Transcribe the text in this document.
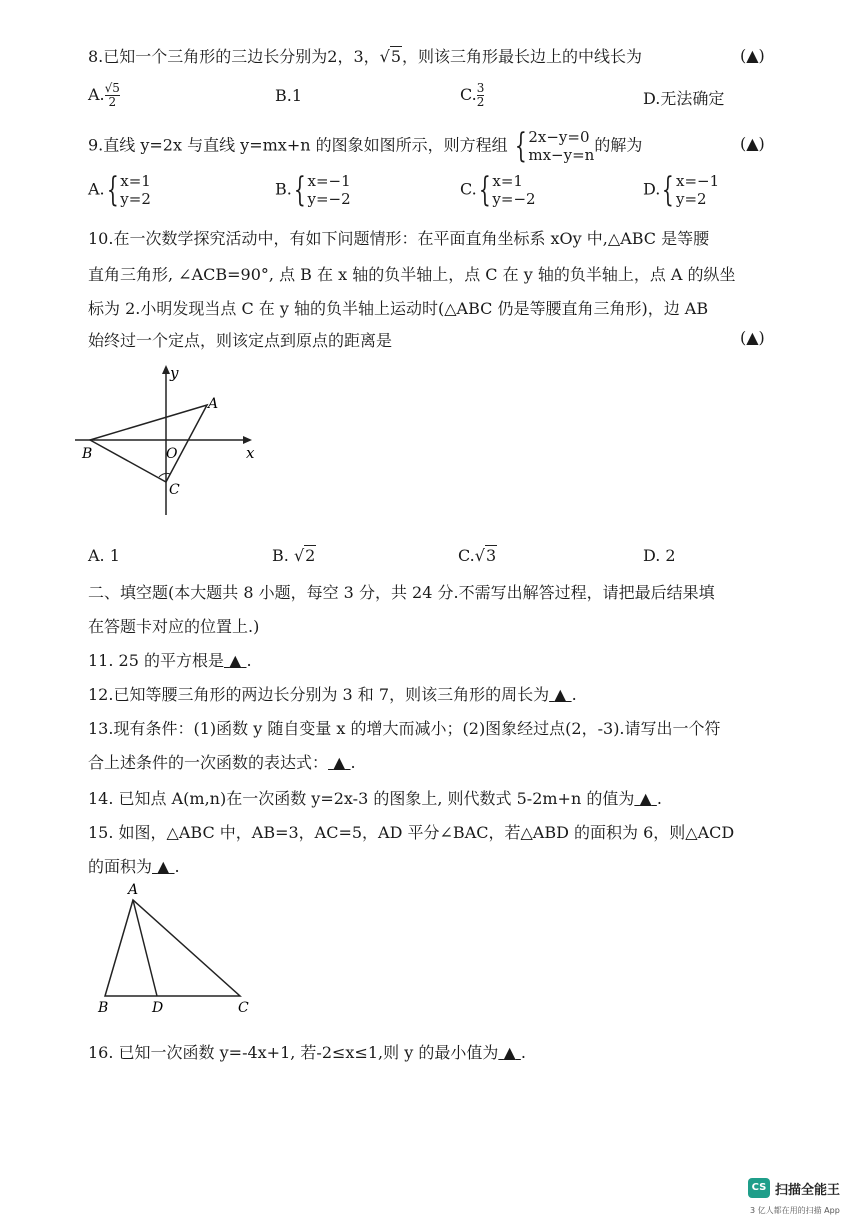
8.已知一个三角形的三边长分别为2，3，√5，则该三角形最长边上的中线长为	(▲)
$A.\frac{√5}{2}$	B.1	$C.\frac{3}{2}$	D.无法确定
9.直线 y=2x 与直线 y=mx+n 的图象如图所示，则方程组 { 2x−y=0
mx−y=n的解为	(▲)
A.{ x=1
y=2
B.{ x=−1
y=−2
C.{ x=1
y=−2
D.{ x=−1
y=2
10.在一次数学探究活动中，有如下问题情形：在平面直角坐标系 xOy 中,△ABC 是等腰
直角三角形, ∠ACB=90°, 点 B 在 x 轴的负半轴上，点 C 在 y 轴的负半轴上，点 A 的纵坐
标为 2.小明发现当点 C 在 y 轴的负半轴上运动时(△ABC 仍是等腰直角三角形)，边 AB
始终过一个定点，则该定点到原点的距离是	(▲)
y
x
A
B	O
C
A. 1	B. √2	C.√3	D. 2
二、填空题(本大题共 8 小题，每空 3 分，共 24 分.不需写出解答过程，请把最后结果填
在答题卡对应的位置上.)
11. 25 的平方根是 ▲ .
12.已知等腰三角形的两边长分别为 3 和 7，则该三角形的周长为 ▲ .
13.现有条件：(1)函数 y 随自变量 x 的增大而减小；(2)图象经过点(2，-3).请写出一个符
合上述条件的一次函数的表达式： ▲ .
14. 已知点 A(m,n)在一次函数 y=2x-3 的图象上, 则代数式 5-2m+n 的值为 ▲ .
15. 如图，△ABC 中，AB=3，AC=5，AD 平分∠BAC，若△ABD 的面积为 6，则△ACD
的面积为 ▲ .
A
B	D	C
16. 已知一次函数 y=-4x+1, 若-2≤x≤1,则 y 的最小值为 ▲ .
CS 扫描全能王
3 亿人都在用的扫描 App
